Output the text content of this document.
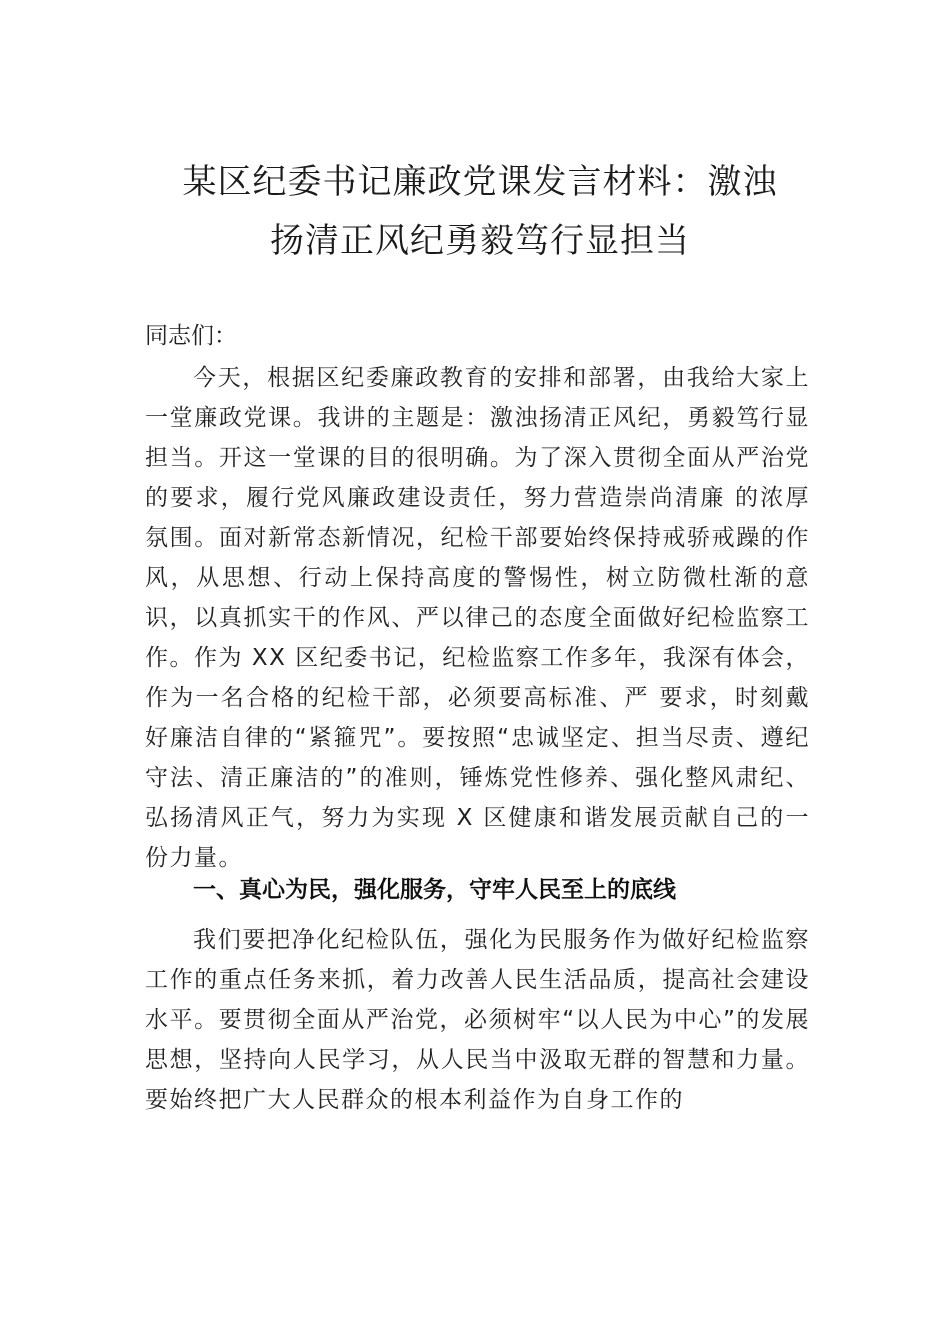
某区纪委书记廉政党课发言材料：激浊
扬清正风纪勇毅笃行显担当
同志们：
今天，根据区纪委廉政教育的安排和部署，由我给大家上一堂廉政党课。我讲的主题是：激浊扬清正风纪，勇毅笃行显担当。开这一堂课的目的很明确。为了深入贯彻全面从严治党的要求，履行党风廉政建设责任，努力营造崇尚清廉 的浓厚氛围。面对新常态新情况，纪检干部要始终保持戒骄戒躁的作风，从思想、行动上保持高度的警惕性，树立防微杜渐的意识，以真抓实干的作风、严以律己的态度全面做好纪检监察工作。作为 XX 区纪委书记，纪检监察工作多年，我深有体会，作为一名合格的纪检干部，必须要高标准、严 要求，时刻戴好廉洁自律的“紧箍咒”。要按照“忠诚坚定、担当尽责、遵纪守法、清正廉洁的”的准则，锤炼党性修养、强化整风肃纪、弘扬清风正气，努力为实现 X 区健康和谐发展贡献自己的一份力量。
一、真心为民，强化服务，守牢人民至上的底线
我们要把净化纪检队伍，强化为民服务作为做好纪检监察工作的重点任务来抓，着力改善人民生活品质，提高社会建设水平。要贯彻全面从严治党，必须树牢“以人民为中心”的发展思想，坚持向人民学习，从人民当中汲取无群的智慧和力量。要始终把广大人民群众的根本利益作为自身工作的
